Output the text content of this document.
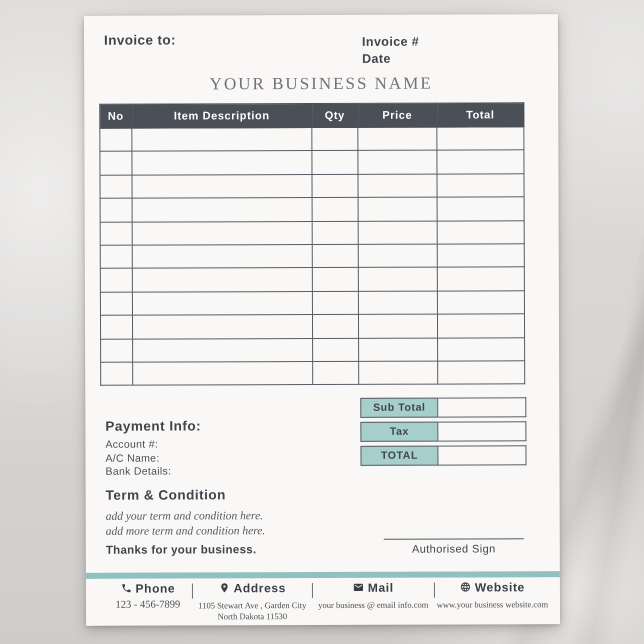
Invoice to:	Invoice #
Date
YOUR BUSINESS NAME
No	Item Description	Qty	Price	Total

Sub Total
Tax
TOTAL
Payment Info:
Account #:
A/C Name:
Bank Details:
Term & Condition
add your term and condition here.
add more term and condition here.
Thanks for your business.	Authorised Sign
Phone
123 - 456-7899
Address
1105 Stewart Ave , Garden City
North Dakota 11530
Mail
your business @ email info.com
Website
www.your business website.com
